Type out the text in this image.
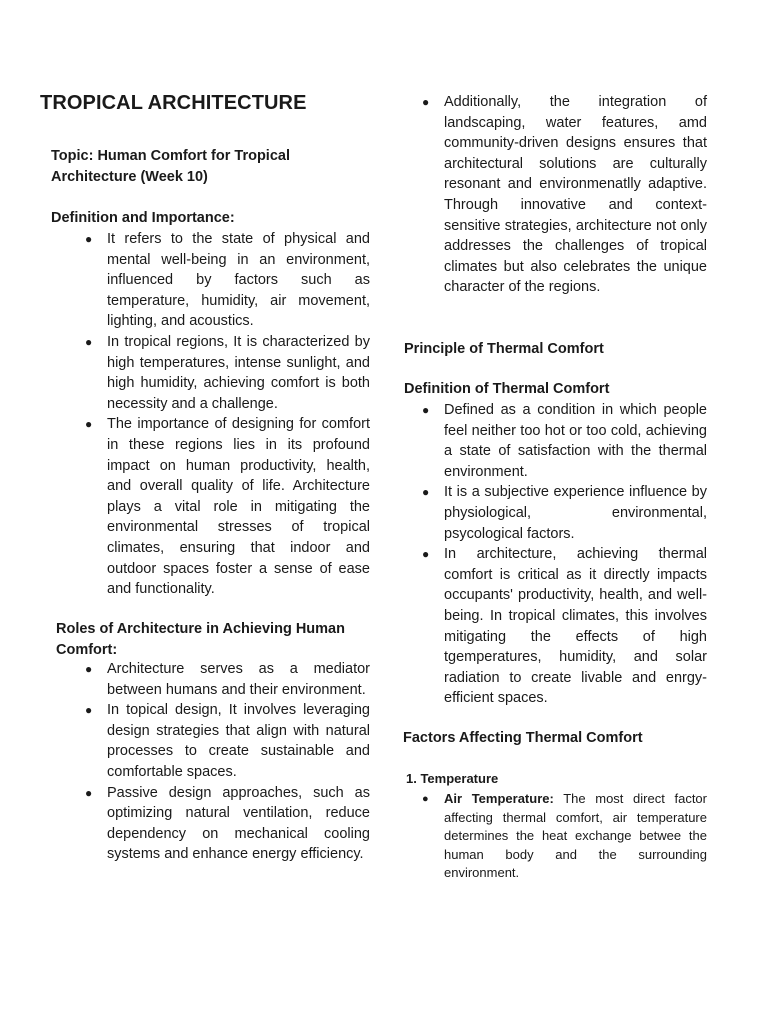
TROPICAL ARCHITECTURE

Topic: Human Comfort for Tropical Architecture (Week 10)

Definition and Importance:

● It refers to the state of physical and mental well-being in an environment, influenced by factors such as temperature, humidity, air movement, lighting, and acoustics.
● In tropical regions, It is characterized by high temperatures, intense sunlight, and high humidity, achieving comfort is both necessity and a challenge.
● The importance of designing for comfort in these regions lies in its profound impact on human productivity, health, and overall quality of life. Architecture plays a vital role in mitigating the environmental stresses of tropical climates, ensuring that indoor and outdoor spaces foster a sense of ease and functionality.

Roles of Architecture in Achieving Human Comfort:

● Architecture serves as a mediator between humans and their environment.
● In topical design, It involves leveraging design strategies that align with natural processes to create sustainable and comfortable spaces.
● Passive design approaches, such as optimizing natural ventilation, reduce dependency on mechanical cooling systems and enhance energy efficiency.
● Additionally, the integration of landscaping, water features, amd community-driven designs ensures that architectural solutions are culturally resonant and environmenatlly adaptive. Through innovative and context-sensitive strategies, architecture not only addresses the challenges of tropical climates but also celebrates the unique character of the regions.

Principle of Thermal Comfort

Definition of Thermal Comfort

● Defined as a condition in which people feel neither too hot or too cold, achieving a state of satisfaction with the thermal environment.
● It is a subjective experience influence by physiological, environmental, psycological factors.
● In architecture, achieving thermal comfort is critical as it directly impacts occupants' productivity, health, and well-being. In tropical climates, this involves mitigating the effects of high tgemperatures, humidity, and solar radiation to create livable and enrgy-efficient spaces.

Factors Affecting Thermal Comfort

1. Temperature

● Air Temperature: The most direct factor affecting thermal comfort, air temperature determines the heat exchange betwee the human body and the surrounding environment.
